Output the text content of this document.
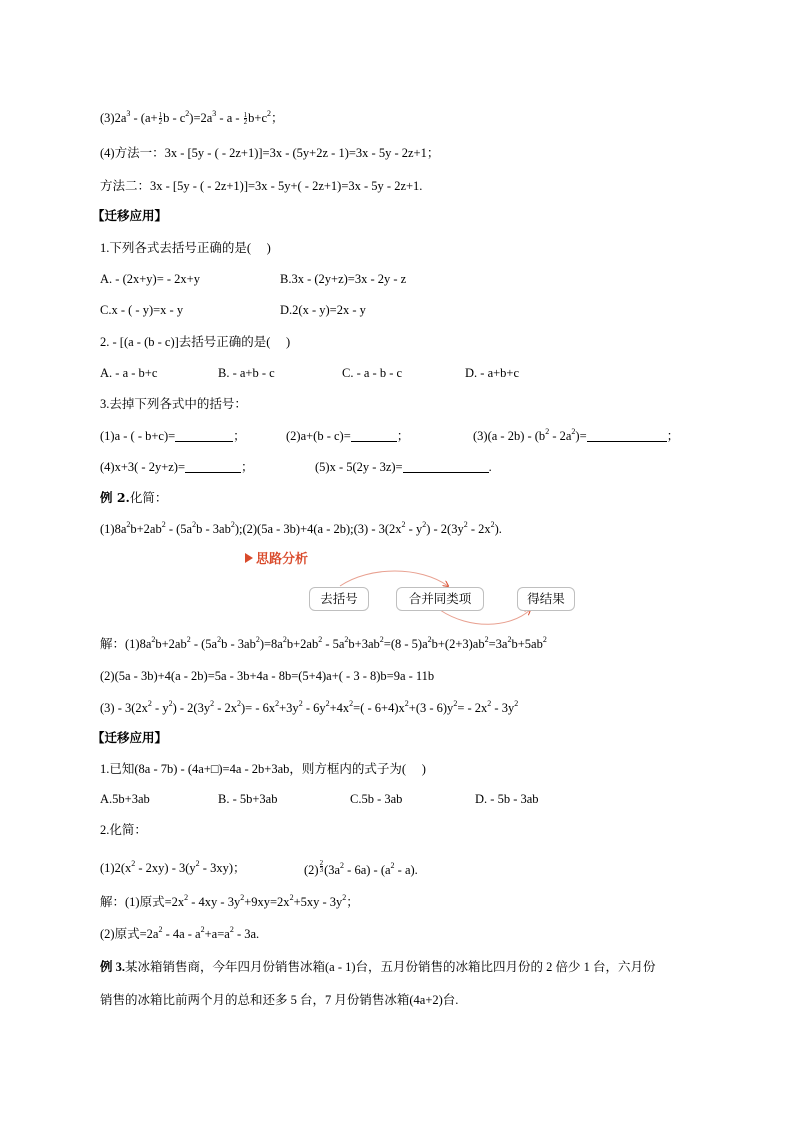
$(3)2a^3 - (a+ \frac{1}{2}$ $b - c^2)=2a^3 - a - \frac{1}{2} b+c^2$；
(4)方法一：3x - [5y - ( - 2z+1)]=3x - (5y+2z - 1)=3x - 5y - 2z+1；
方法二：3x - [5y - ( - 2z+1)]=3x - 5y+( - 2z+1)=3x - 5y - 2z+1.
【迁移应用】
1.下列各式去括号正确的是(　 )
A. - (2x+y)= - 2x+y	B.3x - (2y+z)=3x - 2y - z
C.x - ( - y)=x - y	D.2(x - y)=2x - y
2. - [(a - (b - c)]去括号正确的是(　 )
A. - a - b+c	B. - a+b - c	C. - a - b - c	D. - a+b+c
3.去掉下列各式中的括号：
(1)a - ( - b+c)=	；	(2)a+(b - c)=	；	$(3)(a - 2b) - (b^2 - 2a^2)=$	；
(4)x+3( - 2y+z)=	；	(5)x - 5(2y - 3z)=	.
例 2.化简：
$(1)8a^2b+2ab^2 - (5a^2b$ - $3ab^2);(2)(5a - 3b)+4(a$ - 2b);(3) - $3(2x^2 - y^2) - 2(3y^2 - 2x^2)$.
思路分析
去括号	合并同类项	得结果
解：$(1)8a^2b+2ab^2 - (5a^2b - 3ab^2)=8a^2b+2ab^2 - 5a^2b+3ab^2=(8 - 5)a^2b+(2+3)ab^2=3a^2b+5ab^2$
(2)(5a - 3b)+4(a - 2b)=5a - 3b+4a - 8b=(5+4)a+( - 3 - 8)b=9a - 11b
$(3) - 3(2x^2 - y^2) - 2(3y^2 - 2x^2)= - 6x^2+3y^2 - 6y^2+4x^2=( - 6+4)x^2+(3 - 6)y^2= - 2x^2 - 3y^2$
【迁移应用】
1.已知(8a - 7b) - (4a+□)=4a - 2b+3ab，则方框内的式子为(　 )
A.5b+3ab	B. - 5b+3ab	C.5b - 3ab	D. - 5b - 3ab
2.化简：
$(1)2(x^2 - 2xy) - 3(y^2 - 3xy)$；	$(2) \frac{2}{3} (3a^2 - 6a) - (a^2 - a)$.
解：(1)原式$=2x^2 - 4xy - 3y^2+9xy=2x^2+5xy - 3y^2$；
(2)原式$=2a^2 - 4a - a^2+a=a^2 - 3a$.
例 3.某冰箱销售商，今年四月份销售冰箱(a - 1)台，五月份销售的冰箱比四月份的 2 倍少 1 台，六月份
销售的冰箱比前两个月的总和还多 5 台，7 月份销售冰箱(4a+2)台.
